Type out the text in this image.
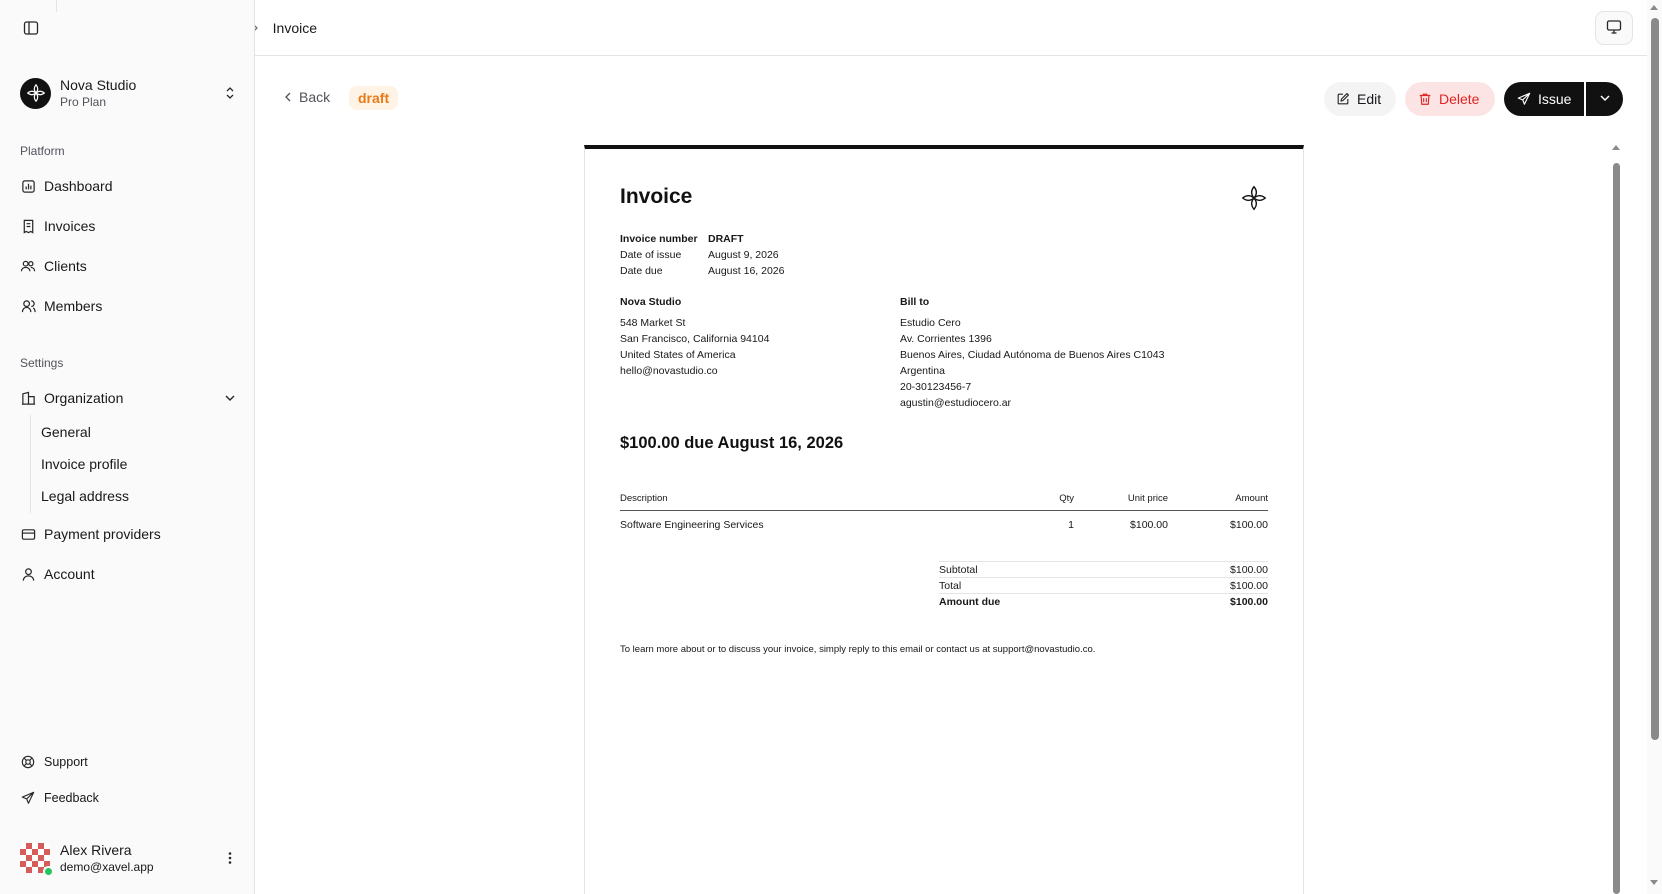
Invoice
Nova Studio
Pro Plan
Platform
Dashboard
Invoices
Clients
Members
Settings
Organization
General
Invoice profile
Legal address
Payment providers
Account
Support
Feedback
Alex Rivera
demo@xavel.app
Back	draft	Edit	Delete	Issue
Invoice
Invoice number DRAFT
Date of issue	August 9, 2026
Date due	August 16, 2026
Nova Studio
548 Market St
San Francisco, California 94104
United States of America
hello@novastudio.co
Bill to
Estudio Cero
Av. Corrientes 1396
Buenos Aires, Ciudad Autónoma de Buenos Aires C1043
Argentina
20-30123456-7
agustin@estudiocero.ar
$100.00 due August 16, 2026
Description	Qty	Unit price	Amount
Software Engineering Services	1	$100.00	$100.00
Subtotal	$100.00
Total	$100.00
Amount due	$100.00
To learn more about or to discuss your invoice, simply reply to this email or contact us at support@novastudio.co.
